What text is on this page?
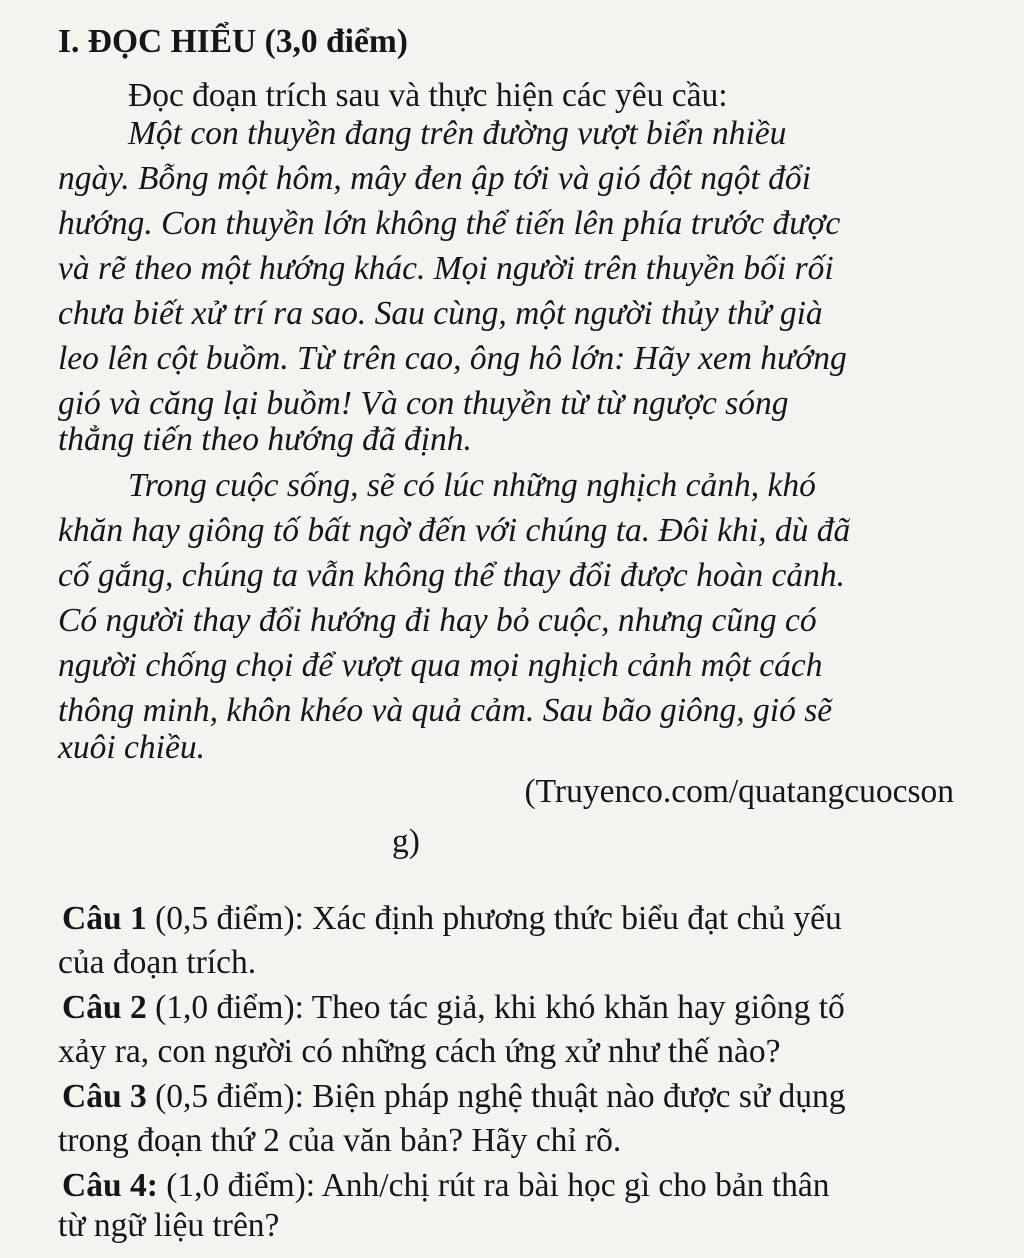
I. ĐỌC HIỂU (3,0 điểm)
Đọc đoạn trích sau và thực hiện các yêu cầu:
Một con thuyền đang trên đường vượt biển nhiều
ngày. Bỗng một hôm, mây đen ập tới và gió đột ngột đổi
hướng. Con thuyền lớn không thể tiến lên phía trước được
và rẽ theo một hướng khác. Mọi người trên thuyền bối rối
chưa biết xử trí ra sao. Sau cùng, một người thủy thử già
leo lên cột buồm. Từ trên cao, ông hô lớn: Hãy xem hướng
gió và căng lại buồm! Và con thuyền từ từ ngược sóng
thẳng tiến theo hướng đã định.
Trong cuộc sống, sẽ có lúc những nghịch cảnh, khó
khăn hay giông tố bất ngờ đến với chúng ta. Đôi khi, dù đã
cố gắng, chúng ta vẫn không thể thay đổi được hoàn cảnh.
Có người thay đổi hướng đi hay bỏ cuộc, nhưng cũng có
người chống chọi để vượt qua mọi nghịch cảnh một cách
thông minh, khôn khéo và quả cảm. Sau bão giông, gió sẽ
xuôi chiều.
(Truyenco.com/quatangcuocson
g)
Câu 1 (0,5 điểm): Xác định phương thức biểu đạt chủ yếu
của đoạn trích.
Câu 2 (1,0 điểm): Theo tác giả, khi khó khăn hay giông tố
xảy ra, con người có những cách ứng xử như thế nào?
Câu 3 (0,5 điểm): Biện pháp nghệ thuật nào được sử dụng
trong đoạn thứ 2 của văn bản? Hãy chỉ rõ.
Câu 4: (1,0 điểm): Anh/chị rút ra bài học gì cho bản thân
từ ngữ liệu trên?
